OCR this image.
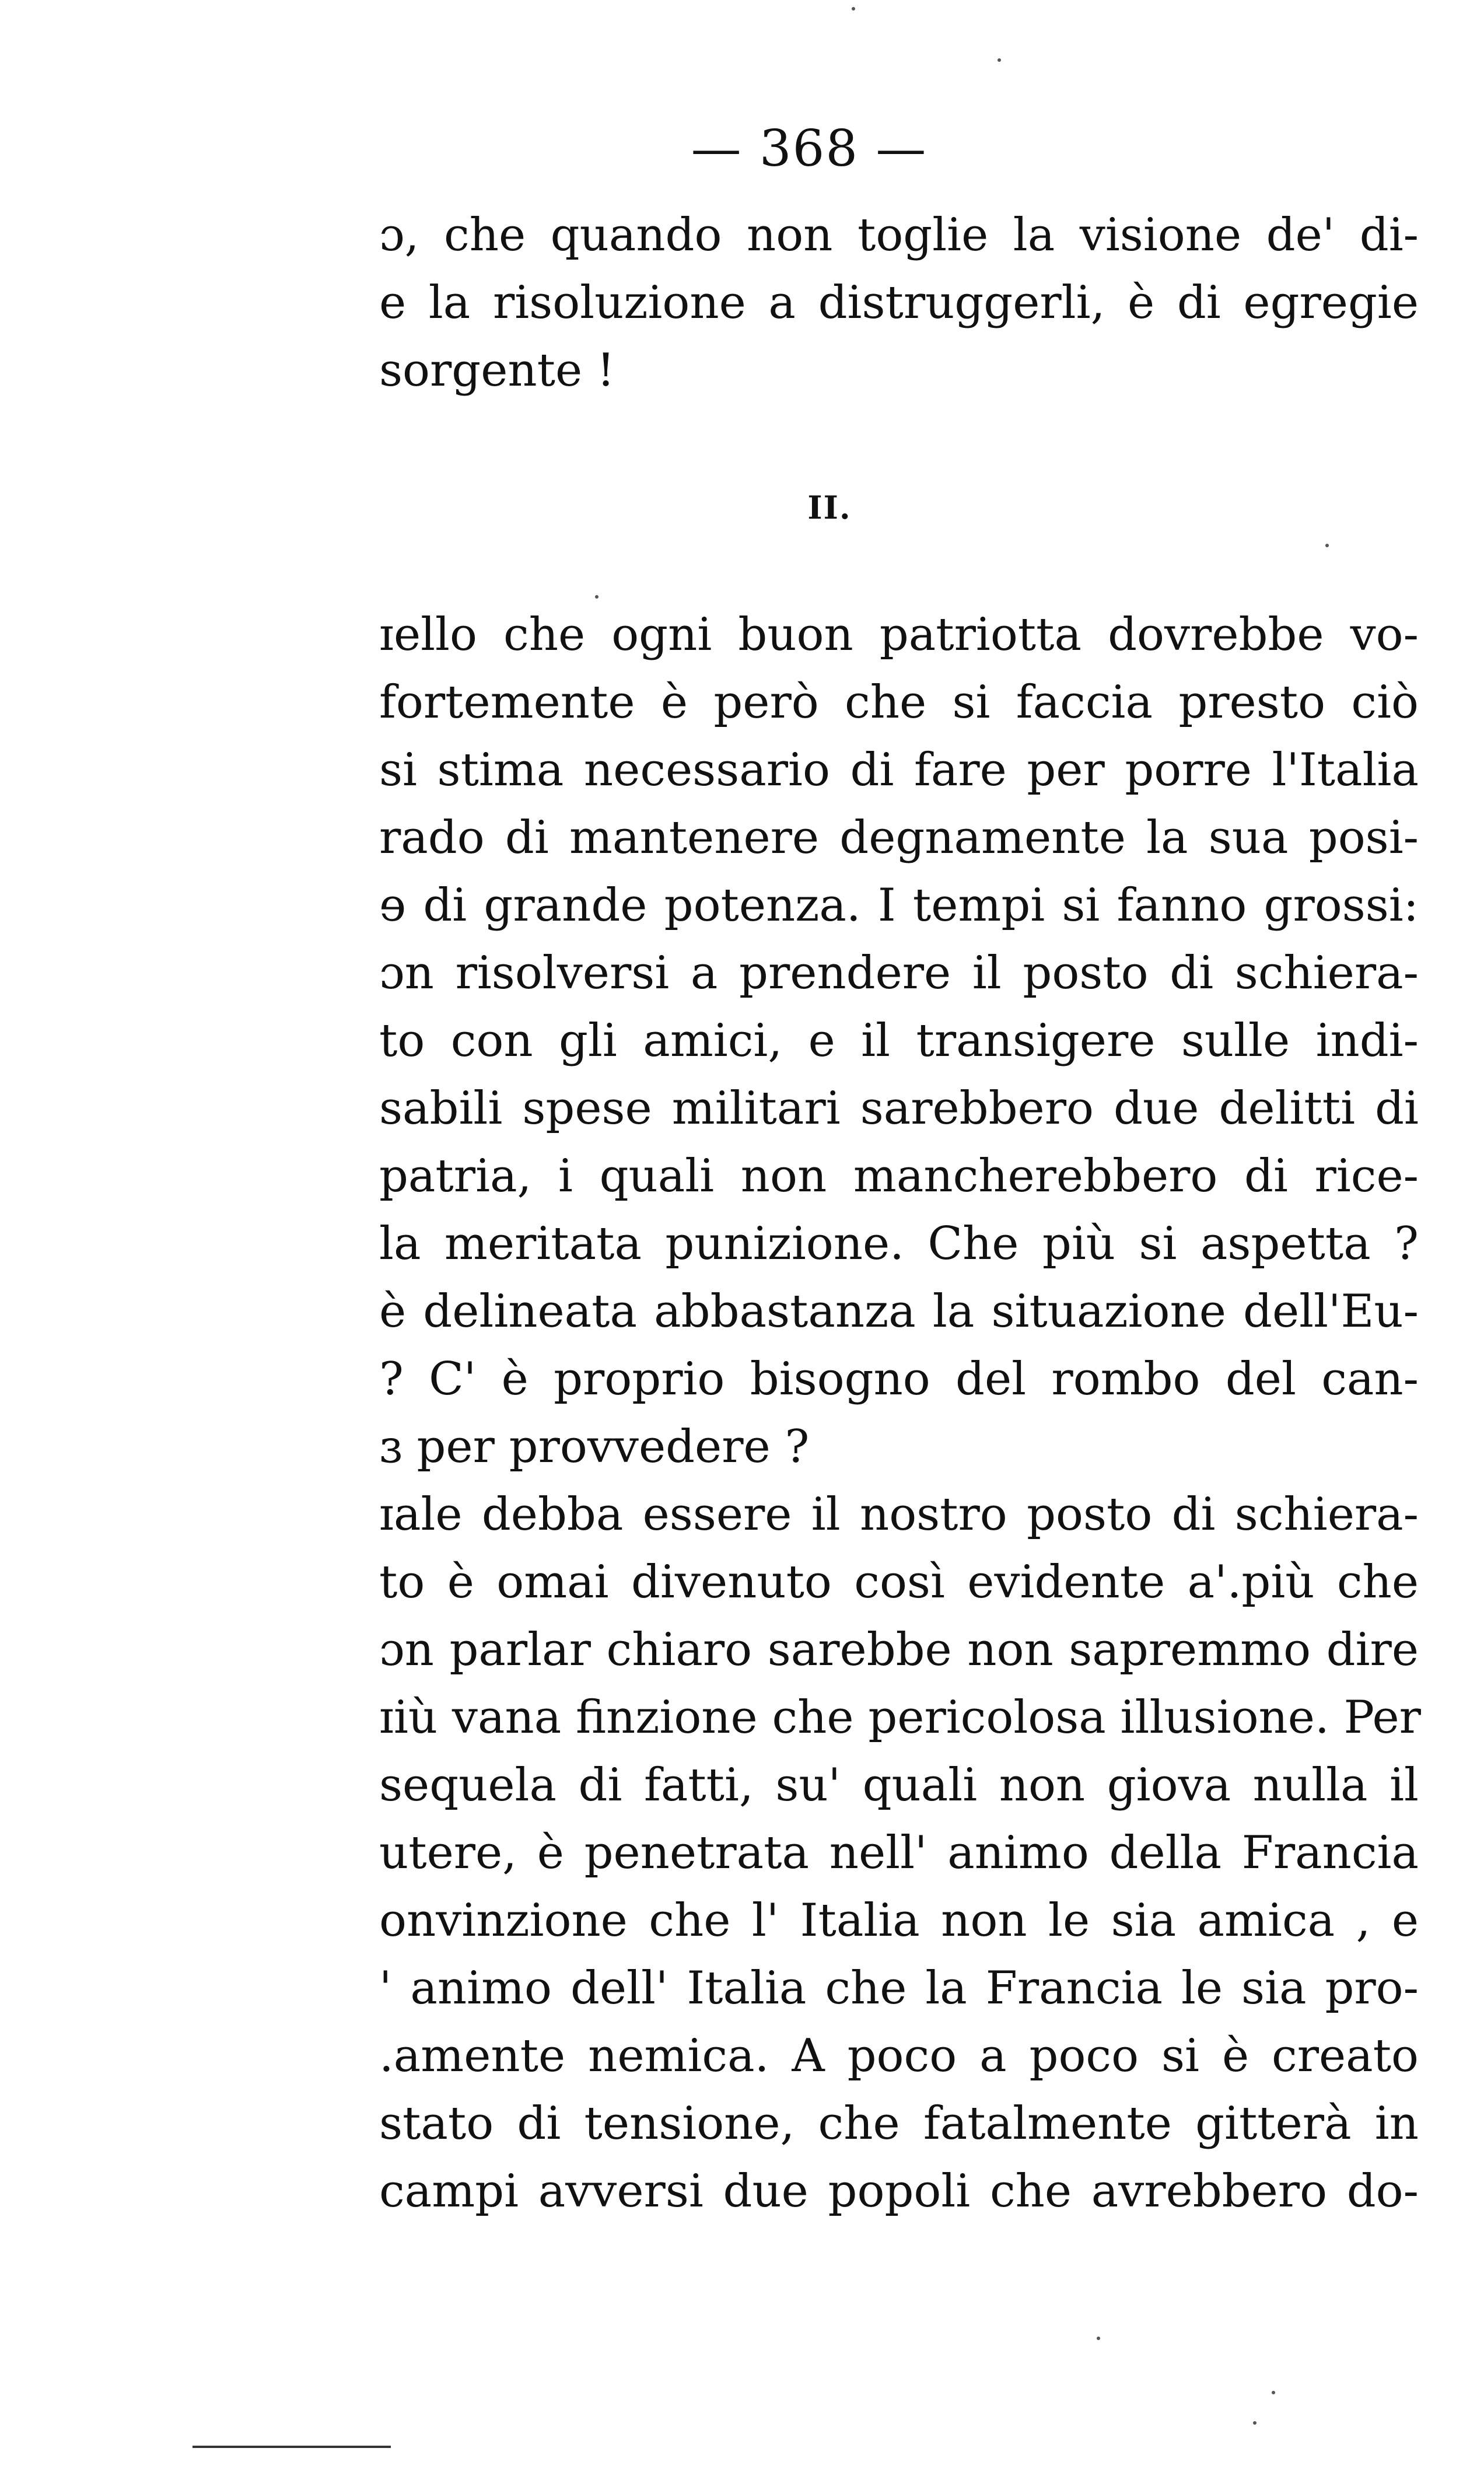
— 368 —
ɔ, che quando non toglie la visione de' di-
e la risoluzione a distruggerli, è di egregie
sorgente !
II.
ɪello che ogni buon patriotta dovrebbe vo-
fortemente è però che si faccia presto ciò
si stima necessario di fare per porre l'Italia
rado di mantenere degnamente la sua posi-
ɘ di grande potenza. I tempi si fanno grossi:
ɔn risolversi a prendere il posto di schiera-
to con gli amici, e il transigere sulle indi-
sabili spese militari sarebbero due delitti di
patria, i quali non mancherebbero di rice-
la meritata punizione. Che più si aspetta ?
è delineata abbastanza la situazione dell'Eu-
? C' è proprio bisogno del rombo del can-
ɜ per provvedere ?
ɪale debba essere il nostro posto di schiera-
to è omai divenuto così evidente a'.più che
ɔn parlar chiaro sarebbe non sapremmo dire
ɪiù vana finzione che pericolosa illusione. Per
sequela di fatti, su' quali non giova nulla il
utere, è penetrata nell' animo della Francia
onvinzione che l' Italia non le sia amica , e
' animo dell' Italia che la Francia le sia pro-
.amente nemica. A poco a poco si è creato
stato di tensione, che fatalmente gitterà in
campi avversi due popoli che avrebbero do-
